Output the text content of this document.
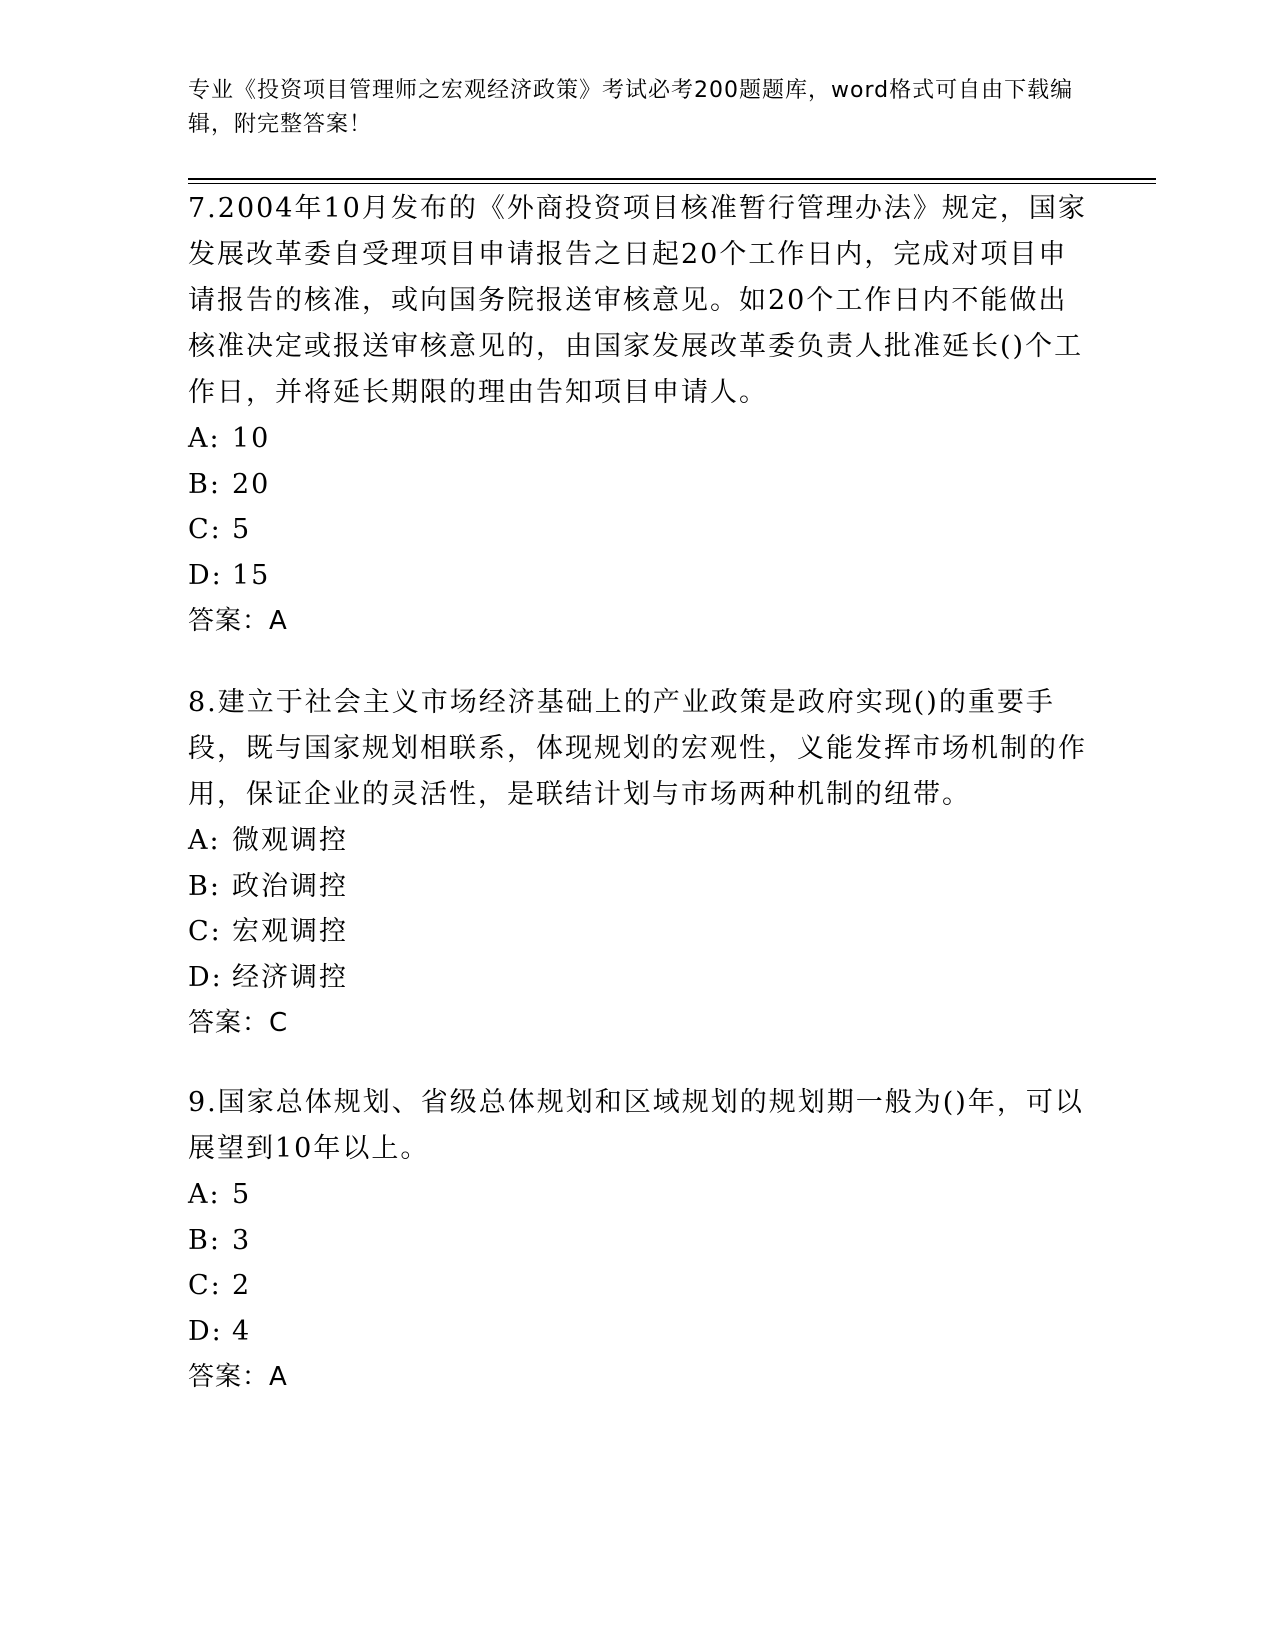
专业《投资项目管理师之宏观经济政策》考试必考200题题库，word格式可自由下载编辑，附完整答案！

7.2004年10月发布的《外商投资项目核准暂行管理办法》规定，国家发展改革委自受理项目申请报告之日起20个工作日内，完成对项目申请报告的核准，或向国务院报送审核意见。如20个工作日内不能做出核准决定或报送审核意见的，由国家发展改革委负责人批准延长()个工作日，并将延长期限的理由告知项目申请人。

A: 10

B: 20

C: 5

D: 15

答案：A

8.建立于社会主义市场经济基础上的产业政策是政府实现()的重要手段，既与国家规划相联系，体现规划的宏观性，义能发挥市场机制的作用，保证企业的灵活性，是联结计划与市场两种机制的纽带。

A: 微观调控

B: 政治调控

C: 宏观调控

D: 经济调控

答案：C

9.国家总体规划、省级总体规划和区域规划的规划期一般为()年，可以展望到10年以上。

A: 5

B: 3

C: 2

D: 4

答案：A
